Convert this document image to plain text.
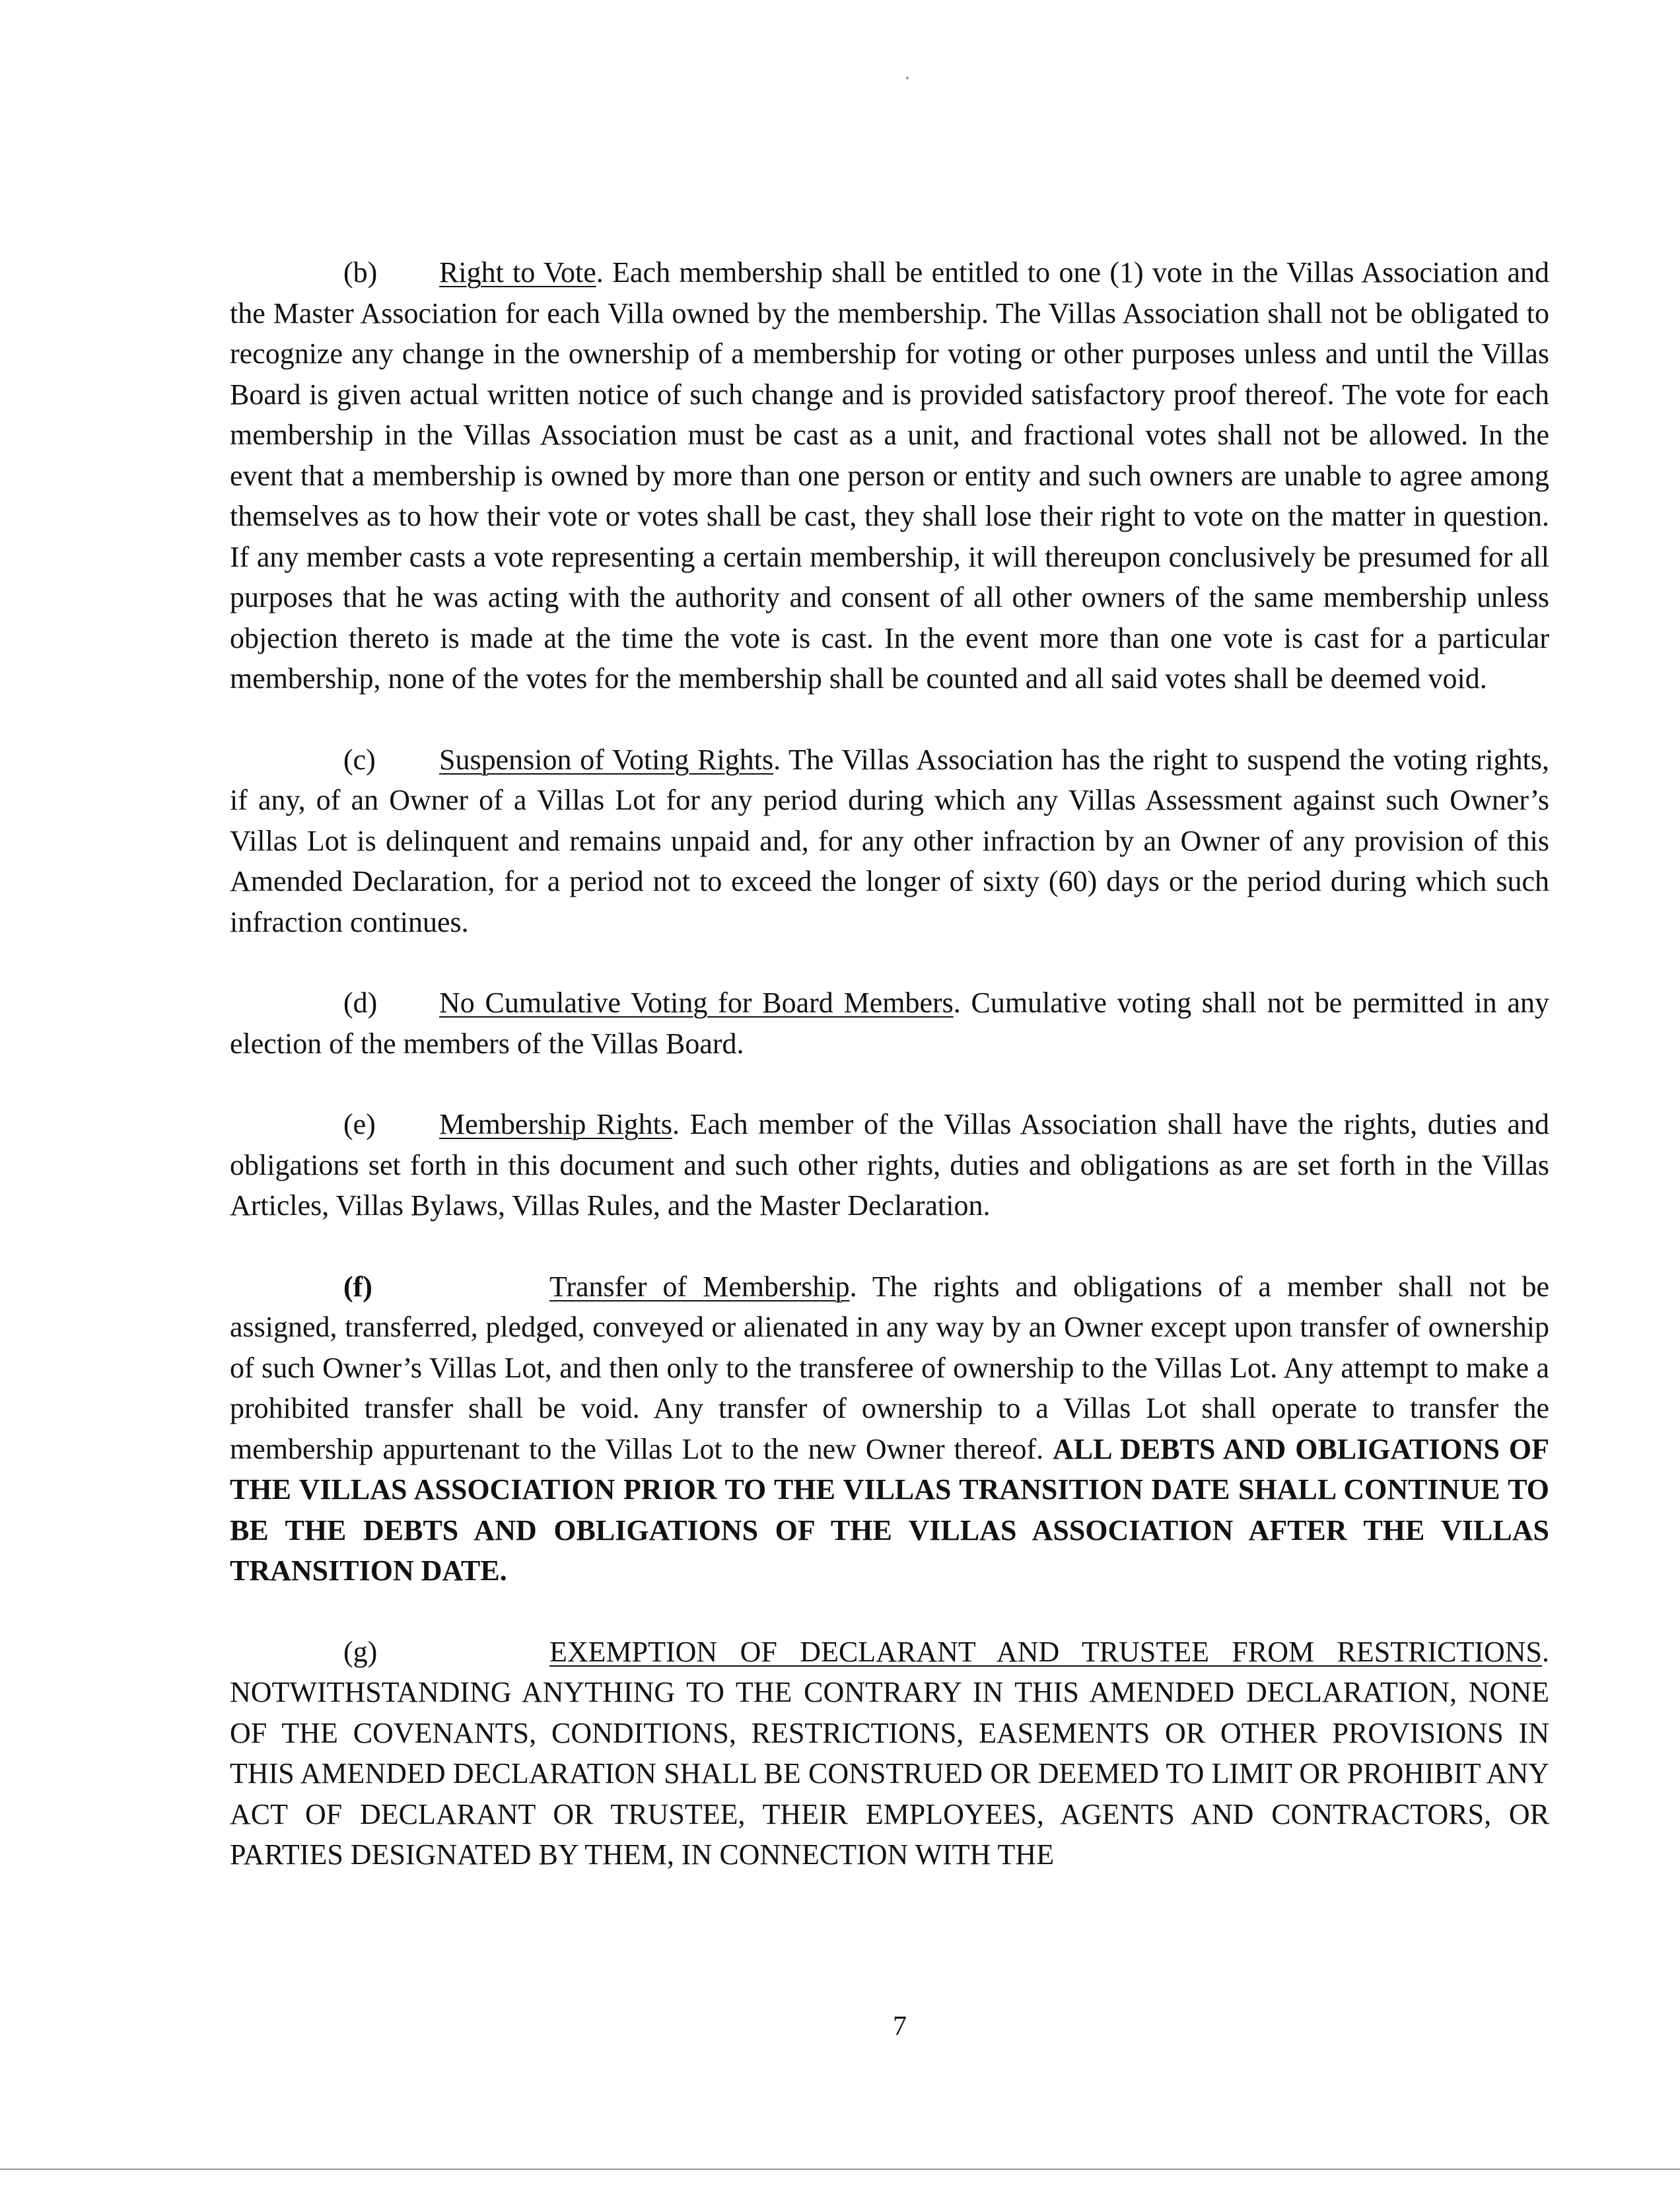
(b) Right to Vote. Each membership shall be entitled to one (1) vote in the Villas Association and the Master Association for each Villa owned by the membership. The Villas Association shall not be obligated to recognize any change in the ownership of a membership for voting or other purposes unless and until the Villas Board is given actual written notice of such change and is provided satisfactory proof thereof. The vote for each membership in the Villas Association must be cast as a unit, and fractional votes shall not be allowed. In the event that a membership is owned by more than one person or entity and such owners are unable to agree among themselves as to how their vote or votes shall be cast, they shall lose their right to vote on the matter in question. If any member casts a vote representing a certain membership, it will thereupon conclusively be presumed for all purposes that he was acting with the authority and consent of all other owners of the same membership unless objection thereto is made at the time the vote is cast. In the event more than one vote is cast for a particular membership, none of the votes for the membership shall be counted and all said votes shall be deemed void.

(c) Suspension of Voting Rights. The Villas Association has the right to suspend the voting rights, if any, of an Owner of a Villas Lot for any period during which any Villas Assessment against such Owner’s Villas Lot is delinquent and remains unpaid and, for any other infraction by an Owner of any provision of this Amended Declaration, for a period not to exceed the longer of sixty (60) days or the period during which such infraction continues.

(d) No Cumulative Voting for Board Members. Cumulative voting shall not be permitted in any election of the members of the Villas Board.

(e) Membership Rights. Each member of the Villas Association shall have the rights, duties and obligations set forth in this document and such other rights, duties and obligations as are set forth in the Villas Articles, Villas Bylaws, Villas Rules, and the Master Declaration.

(f)	Transfer of Membership. The rights and obligations of a member shall not be assigned, transferred, pledged, conveyed or alienated in any way by an Owner except upon transfer of ownership of such Owner’s Villas Lot, and then only to the transferee of ownership to the Villas Lot. Any attempt to make a prohibited transfer shall be void. Any transfer of ownership to a Villas Lot shall operate to transfer the membership appurtenant to the Villas Lot to the new Owner thereof. ALL DEBTS AND OBLIGATIONS OF THE VILLAS ASSOCIATION PRIOR TO THE VILLAS TRANSITION DATE SHALL CONTINUE TO BE THE DEBTS AND OBLIGATIONS OF THE VILLAS ASSOCIATION AFTER THE VILLAS TRANSITION DATE.

(g)	EXEMPTION OF DECLARANT AND TRUSTEE FROM RESTRICTIONS. NOTWITHSTANDING ANYTHING TO THE CONTRARY IN THIS AMENDED DECLARATION, NONE OF THE COVENANTS, CONDITIONS, RESTRICTIONS, EASEMENTS OR OTHER PROVISIONS IN THIS AMENDED DECLARATION SHALL BE CONSTRUED OR DEEMED TO LIMIT OR PROHIBIT ANY ACT OF DECLARANT OR TRUSTEE, THEIR EMPLOYEES, AGENTS AND CONTRACTORS, OR PARTIES DESIGNATED BY THEM, IN CONNECTION WITH THE

7
